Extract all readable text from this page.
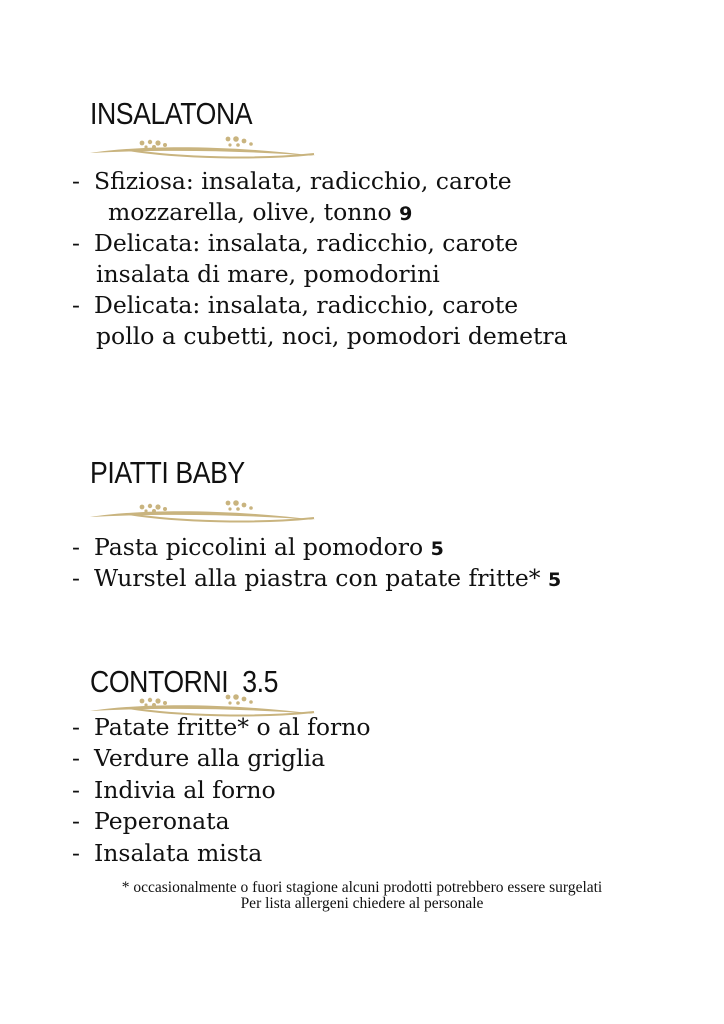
INSALATONA
- Sfiziosa: insalata, radicchio, carote
mozzarella, olive, tonno 9
- Delicata: insalata, radicchio, carote
insalata di mare, pomodorini
- Delicata: insalata, radicchio, carote
pollo a cubetti, noci, pomodori demetra
PIATTI BABY
- Pasta piccolini al pomodoro 5
- Wurstel alla piastra con patate fritte* 5
CONTORNI 3.5
- Patate fritte* o al forno
- Verdure alla griglia
- Indivia al forno
- Peperonata
- Insalata mista
* occasionalmente o fuori stagione alcuni prodotti potrebbero essere surgelati
Per lista allergeni chiedere al personale
